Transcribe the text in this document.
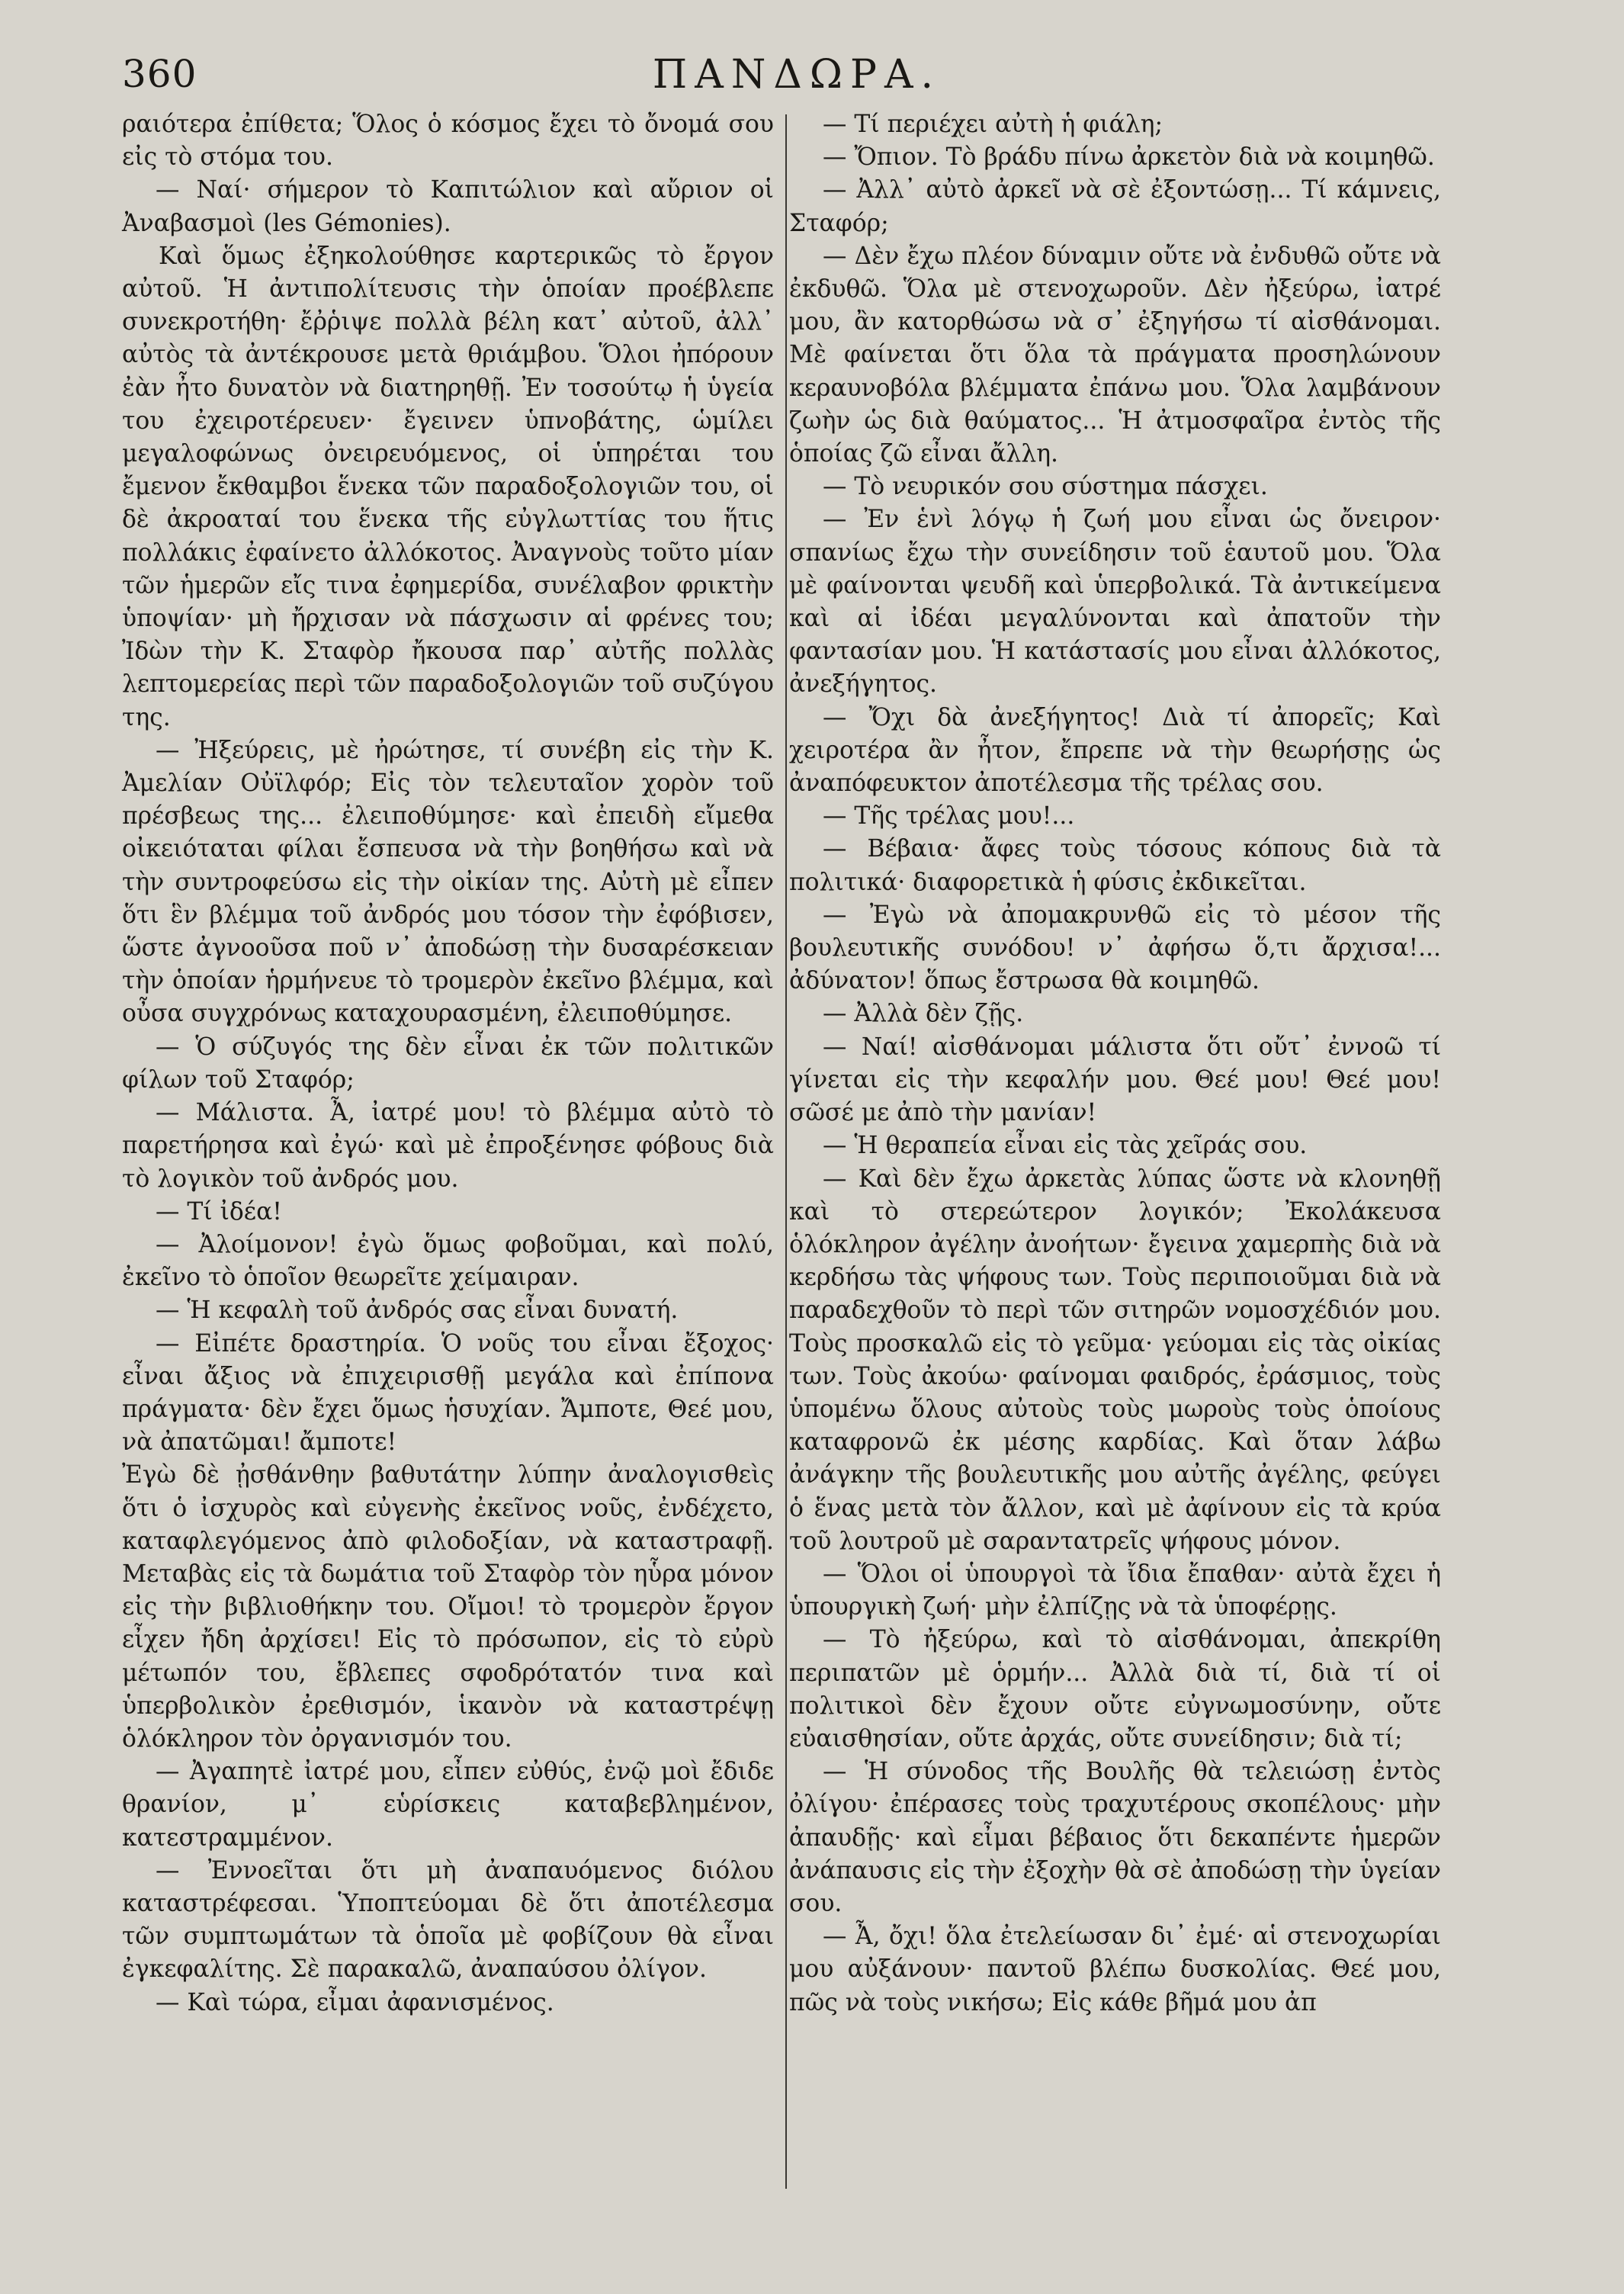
360	ΠΑΝΔΩΡΑ.

ραιότερα ἐπίθετα; Ὅλος ὁ κόσμος ἔχει τὸ ὄνομά σου εἰς τὸ στόμα του.

— Ναί· σήμερον τὸ Καπιτώλιον καὶ αὔριον οἱ Ἀναβασμοὶ (les Gémonies).

Καὶ ὅμως ἐξηκολούθησε καρτερικῶς τὸ ἔργον αὐτοῦ. Ἡ ἀντιπολίτευσις τὴν ὁποίαν προέβλεπε συνεκροτήθη· ἔῤῥιψε πολλὰ βέλη κατ᾽ αὐτοῦ, ἀλλ᾽ αὐτὸς τὰ ἀντέκρουσε μετὰ θριάμβου. Ὅλοι ἠπόρουν ἐὰν ἦτο δυνατὸν νὰ διατηρηθῇ. Ἐν τοσούτῳ ἡ ὑγεία του ἐχειροτέρευεν· ἔγεινεν ὑπνοβάτης, ὡμίλει μεγαλοφώνως ὀνειρευόμενος, οἱ ὑπηρέται του ἔμενον ἔκθαμβοι ἕνεκα τῶν παραδοξολογιῶν του, οἱ δὲ ἀκροαταί του ἕνεκα τῆς εὐγλωττίας του ἥτις πολλάκις ἐφαίνετο ἀλλόκοτος. Ἀναγνοὺς τοῦτο μίαν τῶν ἡμερῶν εἴς τινα ἐφημερίδα, συνέλαβον φρικτὴν ὑποψίαν· μὴ ἤρχισαν νὰ πάσχωσιν αἱ φρένες του; Ἰδὼν τὴν Κ. Σταφὸρ ἤκουσα παρ᾽ αὐτῆς πολλὰς λεπτομερείας περὶ τῶν παραδοξολογιῶν τοῦ συζύγου της.

— Ἠξεύρεις, μὲ ἠρώτησε, τί συνέβη εἰς τὴν Κ. Ἀμελίαν Οὐϊλφόρ; Εἰς τὸν τελευταῖον χορὸν τοῦ πρέσβεως της... ἐλειποθύμησε· καὶ ἐπειδὴ εἴμεθα οἰκειόταται φίλαι ἔσπευσα νὰ τὴν βοηθήσω καὶ νὰ τὴν συντροφεύσω εἰς τὴν οἰκίαν της. Αὐτὴ μὲ εἶπεν ὅτι ἓν βλέμμα τοῦ ἀνδρός μου τόσον τὴν ἐφόβισεν, ὥστε ἀγνοοῦσα ποῦ ν᾽ ἀποδώσῃ τὴν δυσαρέσκειαν τὴν ὁποίαν ἡρμήνευε τὸ τρομερὸν ἐκεῖνο βλέμμα, καὶ οὖσα συγχρόνως καταχουρασμένη, ἐλειποθύμησε.

— Ὁ σύζυγός της δὲν εἶναι ἐκ τῶν πολιτικῶν φίλων τοῦ Σταφόρ;

— Μάλιστα. Ἆ, ἰατρέ μου! τὸ βλέμμα αὐτὸ τὸ παρετήρησα καὶ ἐγώ· καὶ μὲ ἐπροξένησε φόβους διὰ τὸ λογικὸν τοῦ ἀνδρός μου.

— Τί ἰδέα!

— Ἀλοίμονον! ἐγὼ ὅμως φοβοῦμαι, καὶ πολύ, ἐκεῖνο τὸ ὁποῖον θεωρεῖτε χείμαιραν.

— Ἡ κεφαλὴ τοῦ ἀνδρός σας εἶναι δυνατή.

— Εἰπέτε δραστηρία. Ὁ νοῦς του εἶναι ἔξοχος· εἶναι ἄξιος νὰ ἐπιχειρισθῇ μεγάλα καὶ ἐπίπονα πράγματα· δὲν ἔχει ὅμως ἡσυχίαν. Ἄμποτε, Θεέ μου, νὰ ἀπατῶμαι! ἄμποτε!

Ἐγὼ δὲ ᾐσθάνθην βαθυτάτην λύπην ἀναλογισθεὶς ὅτι ὁ ἰσχυρὸς καὶ εὐγενὴς ἐκεῖνος νοῦς, ἐνδέχετο, καταφλεγόμενος ἀπὸ φιλοδοξίαν, νὰ καταστραφῇ. Μεταβὰς εἰς τὰ δωμάτια τοῦ Σταφὸρ τὸν ηὗρα μόνον εἰς τὴν βιβλιοθήκην του. Οἴμοι! τὸ τρομερὸν ἔργον εἶχεν ἤδη ἀρχίσει! Εἰς τὸ πρόσωπον, εἰς τὸ εὐρὺ μέτωπόν του, ἔβλεπες σφοδρότατόν τινα καὶ ὑπερβολικὸν ἐρεθισμόν, ἱκανὸν νὰ καταστρέψῃ ὁλόκληρον τὸν ὀργανισμόν του.

— Ἀγαπητὲ ἰατρέ μου, εἶπεν εὐθύς, ἐνῷ μοὶ ἔδιδε θρανίον, μ᾽ εὑρίσκεις καταβεβλημένον, κατεστραμμένον.

— Ἐννοεῖται ὅτι μὴ ἀναπαυόμενος διόλου καταστρέφεσαι. Ὑποπτεύομαι δὲ ὅτι ἀποτέλεσμα τῶν συμπτωμάτων τὰ ὁποῖα μὲ φοβίζουν θὰ εἶναι ἐγκεφαλίτης. Σὲ παρακαλῶ, ἀναπαύσου ὀλίγον.

— Καὶ τώρα, εἶμαι ἀφανισμένος.

— Τί περιέχει αὐτὴ ἡ φιάλη;

— Ὄπιον. Τὸ βράδυ πίνω ἀρκετὸν διὰ νὰ κοιμηθῶ.

— Ἀλλ᾽ αὐτὸ ἀρκεῖ νὰ σὲ ἐξοντώσῃ... Τί κάμνεις, Σταφόρ;

— Δὲν ἔχω πλέον δύναμιν οὔτε νὰ ἐνδυθῶ οὔτε νὰ ἐκδυθῶ. Ὅλα μὲ στενοχωροῦν. Δὲν ἠξεύρω, ἰατρέ μου, ἂν κατορθώσω νὰ σ᾽ ἐξηγήσω τί αἰσθάνομαι. Μὲ φαίνεται ὅτι ὅλα τὰ πράγματα προσηλώνουν κεραυνοβόλα βλέμματα ἐπάνω μου. Ὅλα λαμβάνουν ζωὴν ὡς διὰ θαύματος... Ἡ ἀτμοσφαῖρα ἐντὸς τῆς ὁποίας ζῶ εἶναι ἄλλη.

— Τὸ νευρικόν σου σύστημα πάσχει.

— Ἐν ἑνὶ λόγῳ ἡ ζωή μου εἶναι ὡς ὄνειρον· σπανίως ἔχω τὴν συνείδησιν τοῦ ἑαυτοῦ μου. Ὅλα μὲ φαίνονται ψευδῆ καὶ ὑπερβολικά. Τὰ ἀντικείμενα καὶ αἱ ἰδέαι μεγαλύνονται καὶ ἀπατοῦν τὴν φαντασίαν μου. Ἡ κατάστασίς μου εἶναι ἀλλόκοτος, ἀνεξήγητος.

— Ὄχι δὰ ἀνεξήγητος! Διὰ τί ἀπορεῖς; Καὶ χειροτέρα ἂν ἦτον, ἔπρεπε νὰ τὴν θεωρήσῃς ὡς ἀναπόφευκτον ἀποτέλεσμα τῆς τρέλας σου.

— Τῆς τρέλας μου!...

— Βέβαια· ἄφες τοὺς τόσους κόπους διὰ τὰ πολιτικά· διαφορετικὰ ἡ φύσις ἐκδικεῖται.

— Ἐγὼ νὰ ἀπομακρυνθῶ εἰς τὸ μέσον τῆς βουλευτικῆς συνόδου! ν᾽ ἀφήσω ὅ,τι ἄρχισα!... ἀδύνατον! ὅπως ἔστρωσα θὰ κοιμηθῶ.

— Ἀλλὰ δὲν ζῇς.

— Ναί! αἰσθάνομαι μάλιστα ὅτι οὔτ᾽ ἐννοῶ τί γίνεται εἰς τὴν κεφαλήν μου. Θεέ μου! Θεέ μου! σῶσέ με ἀπὸ τὴν μανίαν!

— Ἡ θεραπεία εἶναι εἰς τὰς χεῖράς σου.

— Καὶ δὲν ἔχω ἀρκετὰς λύπας ὥστε νὰ κλονηθῇ καὶ τὸ στερεώτερον λογικόν; Ἐκολάκευσα ὁλόκληρον ἀγέλην ἀνοήτων· ἔγεινα χαμερπὴς διὰ νὰ κερδήσω τὰς ψήφους των. Τοὺς περιποιοῦμαι διὰ νὰ παραδεχθοῦν τὸ περὶ τῶν σιτηρῶν νομοσχέδιόν μου. Τοὺς προσκαλῶ εἰς τὸ γεῦμα· γεύομαι εἰς τὰς οἰκίας των. Τοὺς ἀκούω· φαίνομαι φαιδρός, ἐράσμιος, τοὺς ὑπομένω ὅλους αὐτοὺς τοὺς μωροὺς τοὺς ὁποίους καταφρονῶ ἐκ μέσης καρδίας. Καὶ ὅταν λάβω ἀνάγκην τῆς βουλευτικῆς μου αὐτῆς ἀγέλης, φεύγει ὁ ἕνας μετὰ τὸν ἄλλον, καὶ μὲ ἀφίνουν εἰς τὰ κρύα τοῦ λουτροῦ μὲ σαραντατρεῖς ψήφους μόνον.

— Ὅλοι οἱ ὑπουργοὶ τὰ ἴδια ἔπαθαν· αὐτὰ ἔχει ἡ ὑπουργικὴ ζωή· μὴν ἐλπίζῃς νὰ τὰ ὑποφέρῃς.

— Τὸ ἠξεύρω, καὶ τὸ αἰσθάνομαι, ἀπεκρίθη περιπατῶν μὲ ὁρμήν... Ἀλλὰ διὰ τί, διὰ τί οἱ πολιτικοὶ δὲν ἔχουν οὔτε εὐγνωμοσύνην, οὔτε εὐαισθησίαν, οὔτε ἀρχάς, οὔτε συνείδησιν; διὰ τί;

— Ἡ σύνοδος τῆς Βουλῆς θὰ τελειώσῃ ἐντὸς ὀλίγου· ἐπέρασες τοὺς τραχυτέρους σκοπέλους· μὴν ἀπαυδῇς· καὶ εἶμαι βέβαιος ὅτι δεκαπέντε ἡμερῶν ἀνάπαυσις εἰς τὴν ἐξοχὴν θὰ σὲ ἀποδώσῃ τὴν ὑγείαν σου.

— Ἆ, ὄχι! ὅλα ἐτελείωσαν δι᾽ ἐμέ· αἱ στενοχωρίαι μου αὐξάνουν· παντοῦ βλέπω δυσκολίας. Θεέ μου, πῶς νὰ τοὺς νικήσω; Εἰς κάθε βῆμά μου ἀπ
